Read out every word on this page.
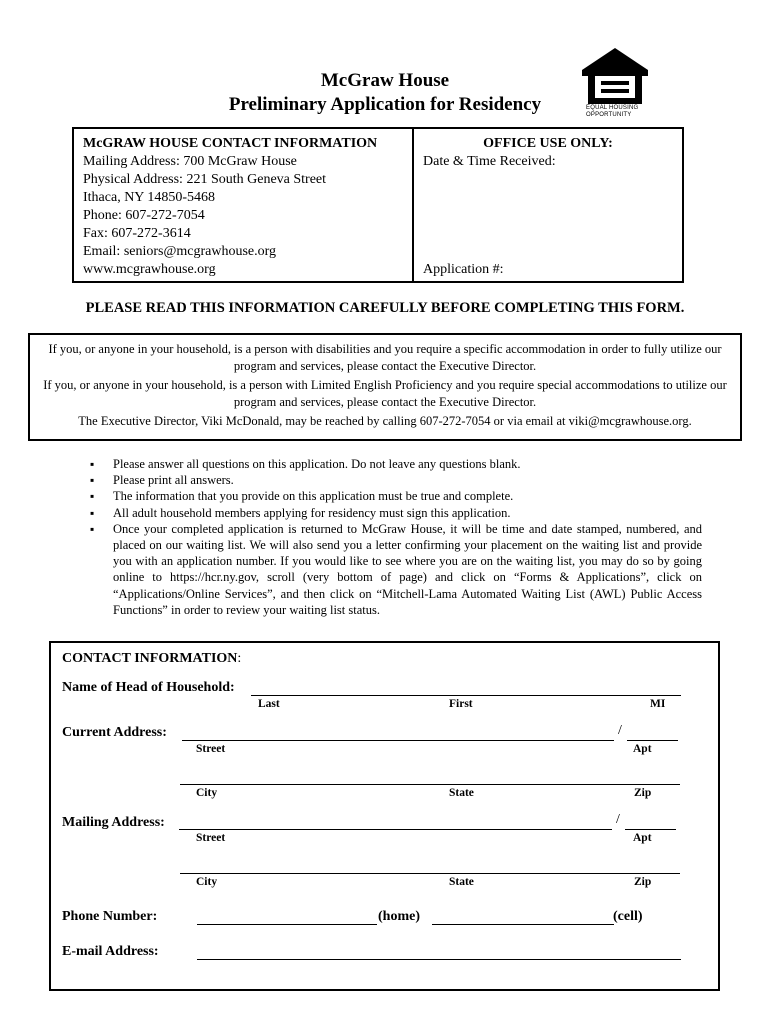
McGraw House
Preliminary Application for Residency	EQUAL HOUSING
OPPORTUNITY
McGRAW HOUSE CONTACT INFORMATION
Mailing Address: 700 McGraw House
Physical Address: 221 South Geneva Street
Ithaca, NY 14850-5468
Phone: 607-272-7054
Fax: 607-272-3614
Email: seniors@mcgrawhouse.org
www.mcgrawhouse.org
OFFICE USE ONLY:
Date & Time Received:
Application #:
PLEASE READ THIS INFORMATION CAREFULLY BEFORE COMPLETING THIS FORM.

If you, or anyone in your household, is a person with disabilities and you require a specific accommodation in order to fully utilize our program and services, please contact the Executive Director.

If you, or anyone in your household, is a person with Limited English Proficiency and you require special accommodations to utilize our program and services, please contact the Executive Director.

The Executive Director, Viki McDonald, may be reached by calling 607-272-7054 or via email at viki@mcgrawhouse.org.

▪ Please answer all questions on this application. Do not leave any questions blank.
▪ Please print all answers.
▪ The information that you provide on this application must be true and complete.
▪ All adult household members applying for residency must sign this application.
▪ Once your completed application is returned to McGraw House, it will be time and date stamped, numbered, and placed on our waiting list. We will also send you a letter confirming your placement on the waiting list and provide you with an application number. If you would like to see where you are on the waiting list, you may do so by going online to https://hcr.ny.gov, scroll (very bottom of page) and click on “Forms & Applications”, click on “Applications/Online Services”, and then click on “Mitchell-Lama Automated Waiting List (AWL) Public Access Functions” in order to review your waiting list status.
CONTACT INFORMATION:
Name of Head of Household:
Last	First	MI
Current Address:	/
Street	Apt
City	State	Zip
Mailing Address:	/
Street	Apt
City	State	Zip
Phone Number:	(home)	(cell)
E-mail Address:
